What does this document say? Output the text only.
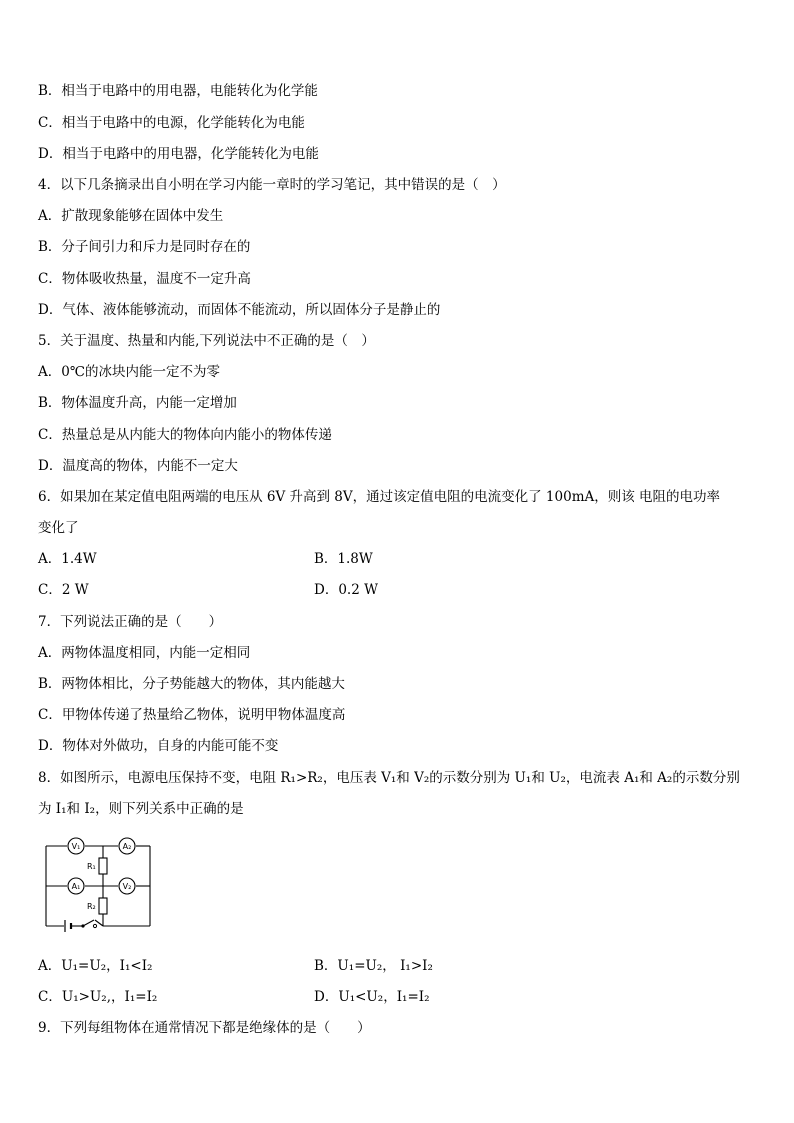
B．相当于电路中的用电器，电能转化为化学能
C．相当于电路中的电源，化学能转化为电能
D．相当于电路中的用电器，化学能转化为电能
4．以下几条摘录出自小明在学习内能一章时的学习笔记，其中错误的是（　）
A．扩散现象能够在固体中发生
B．分子间引力和斥力是同时存在的
C．物体吸收热量，温度不一定升高
D．气体、液体能够流动，而固体不能流动，所以固体分子是静止的
5．关于温度、热量和内能,下列说法中不正确的是（　）
A．0℃的冰块内能一定不为零
B．物体温度升高，内能一定增加
C．热量总是从内能大的物体向内能小的物体传递
D．温度高的物体，内能不一定大
6．如果加在某定值电阻两端的电压从 6V 升高到 8V，通过该定值电阻的电流变化了 100mA，则该 电阻的电功率
变化了
A．1.4W	B．1.8W
C．2 W	D．0.2 W
7．下列说法正确的是（　　）
A．两物体温度相同，内能一定相同
B．两物体相比，分子势能越大的物体，其内能越大
C．甲物体传递了热量给乙物体，说明甲物体温度高
D．物体对外做功，自身的内能可能不变
8．如图所示，电源电压保持不变，电阻 R₁>R₂，电压表 V₁和 V₂的示数分别为 U₁和 U₂，电流表 A₁和 A₂的示数分别
为 I₁和 I₂，则下列关系中正确的是
V₁	A₂
A₁	V₂
R₁
R₂
A．U₁=U₂，I₁<I₂	B．U₁=U₂， I₁>I₂
C．U₁>U₂,，I₁=I₂	D．U₁<U₂，I₁=I₂
9．下列每组物体在通常情况下都是绝缘体的是（　　）
